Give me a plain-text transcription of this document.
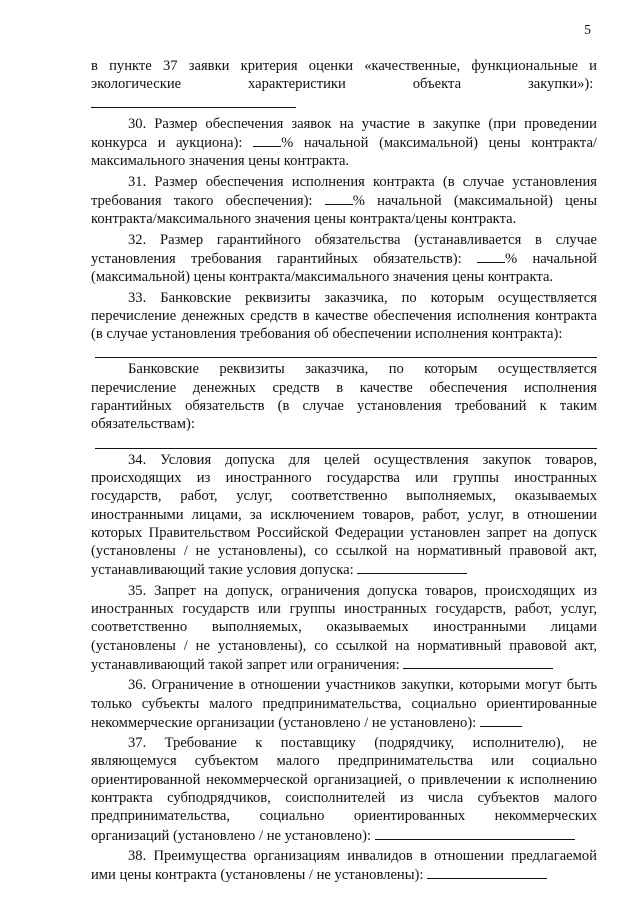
5

в пункте 37 заявки критерия оценки «качественные, функциональные и экологические характеристики объекта закупки»):

30. Размер обеспечения заявок на участие в закупке (при проведении конкурса и аукциона):	% начальной (максимальной) цены контракта/максимального значения цены контракта.

31. Размер обеспечения исполнения контракта (в случае установления требования такого обеспечения):	% начальной (максимальной) цены контракта/максимального значения цены контракта/цены контракта.

32. Размер гарантийного обязательства (устанавливается в случае установления требования гарантийных обязательств):	% начальной (максимальной) цены контракта/максимального значения цены контракта.

33. Банковские реквизиты заказчика, по которым осуществляется перечисление денежных средств в качестве обеспечения исполнения контракта (в случае установления требования об обеспечении исполнения контракта):

Банковские реквизиты заказчика, по которым осуществляется перечисление денежных средств в качестве обеспечения исполнения гарантийных обязательств (в случае установления требований к таким обязательствам):

34. Условия допуска для целей осуществления закупок товаров, происходящих из иностранного государства или группы иностранных государств, работ, услуг, соответственно выполняемых, оказываемых иностранными лицами, за исключением товаров, работ, услуг, в отношении которых Правительством Российской Федерации установлен запрет на допуск (установлены / не установлены), со ссылкой на нормативный правовой акт, устанавливающий такие условия допуска:

35. Запрет на допуск, ограничения допуска товаров, происходящих из иностранных государств или группы иностранных государств, работ, услуг, соответственно выполняемых, оказываемых иностранными лицами (установлены / не установлены), со ссылкой на нормативный правовой акт, устанавливающий такой запрет или ограничения:

36. Ограничение в отношении участников закупки, которыми могут быть только субъекты малого предпринимательства, социально ориентированные некоммерческие организации (установлено / не установлено):

37. Требование к поставщику (подрядчику, исполнителю), не являющемуся субъектом малого предпринимательства или социально ориентированной некоммерческой организацией, о привлечении к исполнению контракта субподрядчиков, соисполнителей из числа субъектов малого предпринимательства, социально ориентированных некоммерческих организаций (установлено / не установлено):

38. Преимущества организациям инвалидов в отношении предлагаемой ими цены контракта (установлены / не установлены):
